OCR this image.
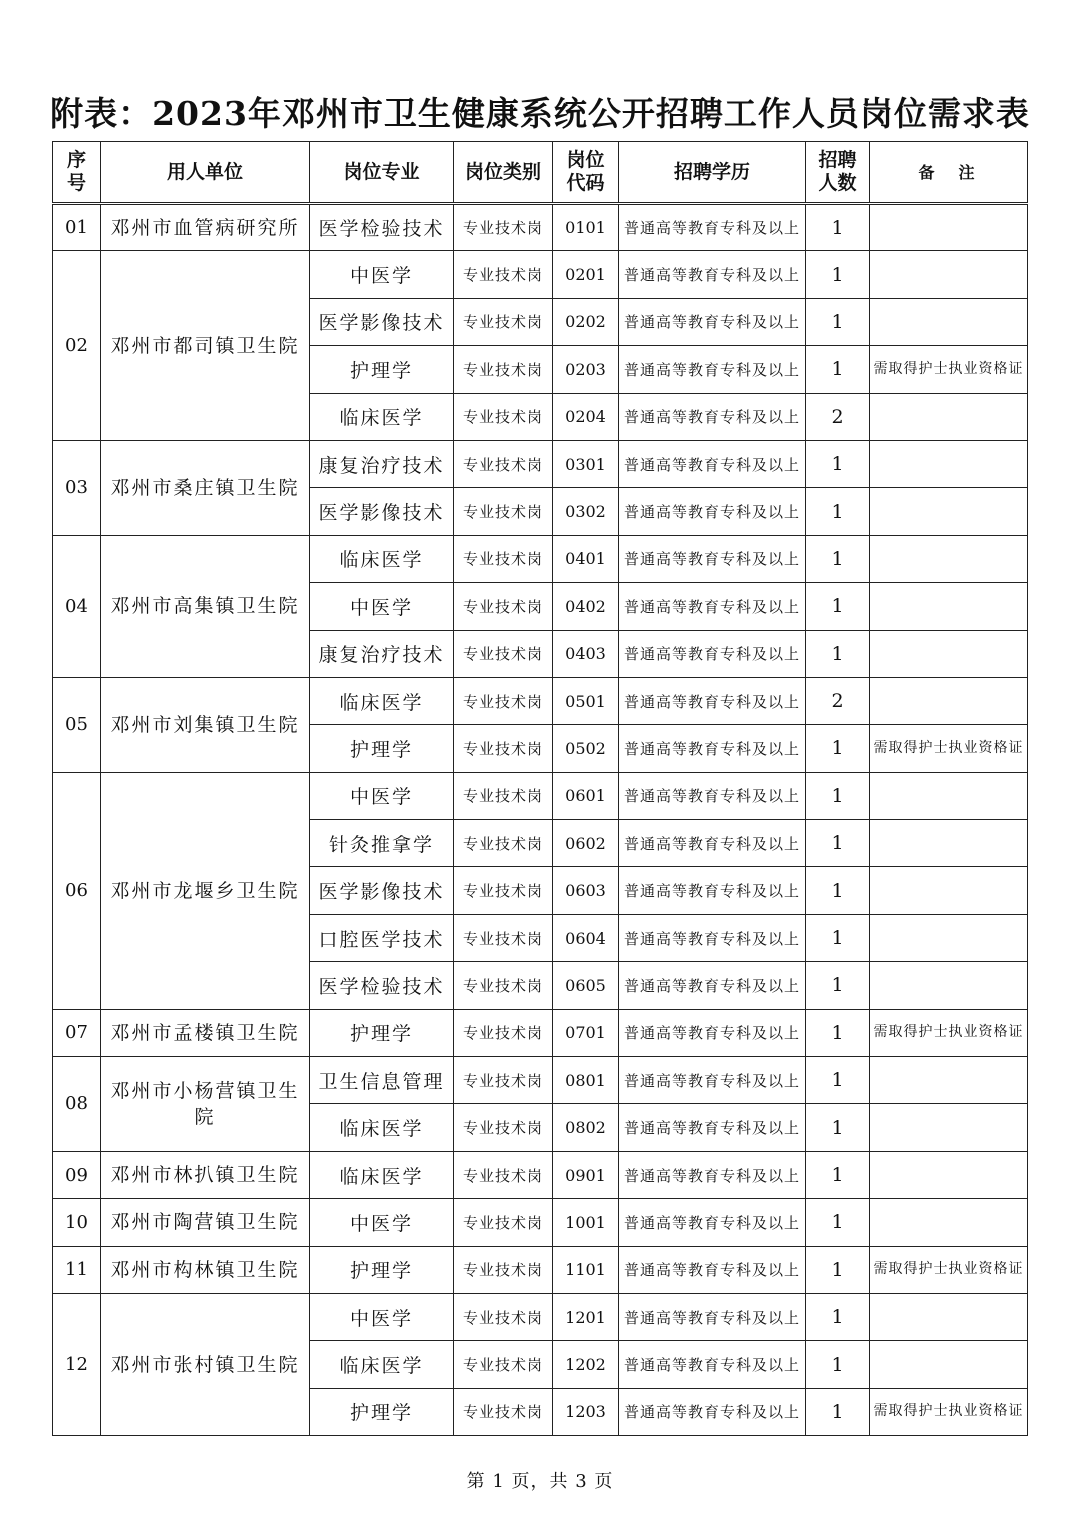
附表：2023年邓州市卫生健康系统公开招聘工作人员岗位需求表
序号	用人单位	岗位专业	岗位类别	岗位代码	招聘学历	招聘人数	备　注
01	邓州市血管病研究所	医学检验技术	专业技术岗	0101	普通高等教育专科及以上	1	
02	邓州市都司镇卫生院	中医学	专业技术岗	0201	普通高等教育专科及以上	1	
		医学影像技术	专业技术岗	0202	普通高等教育专科及以上	1	
		护理学	专业技术岗	0203	普通高等教育专科及以上	1	需取得护士执业资格证
		临床医学	专业技术岗	0204	普通高等教育专科及以上	2	
03	邓州市桑庄镇卫生院	康复治疗技术	专业技术岗	0301	普通高等教育专科及以上	1	
		医学影像技术	专业技术岗	0302	普通高等教育专科及以上	1	
04	邓州市高集镇卫生院	临床医学	专业技术岗	0401	普通高等教育专科及以上	1	
		中医学	专业技术岗	0402	普通高等教育专科及以上	1	
		康复治疗技术	专业技术岗	0403	普通高等教育专科及以上	1	
05	邓州市刘集镇卫生院	临床医学	专业技术岗	0501	普通高等教育专科及以上	2	
		护理学	专业技术岗	0502	普通高等教育专科及以上	1	需取得护士执业资格证
06	邓州市龙堰乡卫生院	中医学	专业技术岗	0601	普通高等教育专科及以上	1	
		针灸推拿学	专业技术岗	0602	普通高等教育专科及以上	1	
		医学影像技术	专业技术岗	0603	普通高等教育专科及以上	1	
		口腔医学技术	专业技术岗	0604	普通高等教育专科及以上	1	
		医学检验技术	专业技术岗	0605	普通高等教育专科及以上	1	
07	邓州市孟楼镇卫生院	护理学	专业技术岗	0701	普通高等教育专科及以上	1	需取得护士执业资格证
08	邓州市小杨营镇卫生院	卫生信息管理	专业技术岗	0801	普通高等教育专科及以上	1	
		临床医学	专业技术岗	0802	普通高等教育专科及以上	1	
09	邓州市林扒镇卫生院	临床医学	专业技术岗	0901	普通高等教育专科及以上	1	
10	邓州市陶营镇卫生院	中医学	专业技术岗	1001	普通高等教育专科及以上	1	
11	邓州市构林镇卫生院	护理学	专业技术岗	1101	普通高等教育专科及以上	1	需取得护士执业资格证
12	邓州市张村镇卫生院	中医学	专业技术岗	1201	普通高等教育专科及以上	1	
		临床医学	专业技术岗	1202	普通高等教育专科及以上	1	
		护理学	专业技术岗	1203	普通高等教育专科及以上	1	需取得护士执业资格证
第 1 页，共 3 页
